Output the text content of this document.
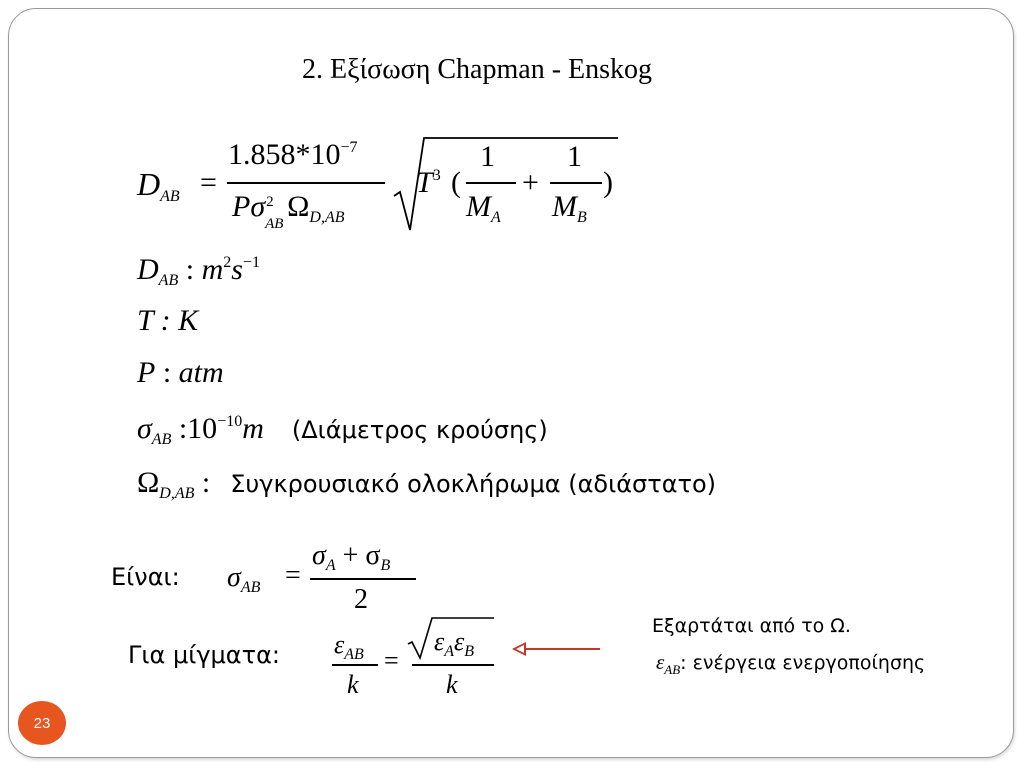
2. Εξίσωση Chapman - Enskog
$D_{AB}$ =
$1.858*10^{-7}$
Pσ 2
AB
$\Omega_{D,AB}$
$T^3$ (
1
$M_A$
+
1
$M_B$
)
$D_{AB}$ : $m^2s^{-1}$
T : K
P : atm
$\sigma_{AB}$ $:10^{-10}m$ (Διάμετρος κρούσης)
$\Omega_{D,AB}$ : Συγκρουσιακό ολοκλήρωμα (αδιάστατο)
Είναι: $\sigma_{AB}$ =
$\sigma_A + \sigma_B$
2
Για μίγματα: $\varepsilon_{AB}$
k
=
$\varepsilon_A\varepsilon_B$
k
Εξαρτάται από το Ω.
$\varepsilon_{AB}$: ενέργεια ενεργοποίησης
23
